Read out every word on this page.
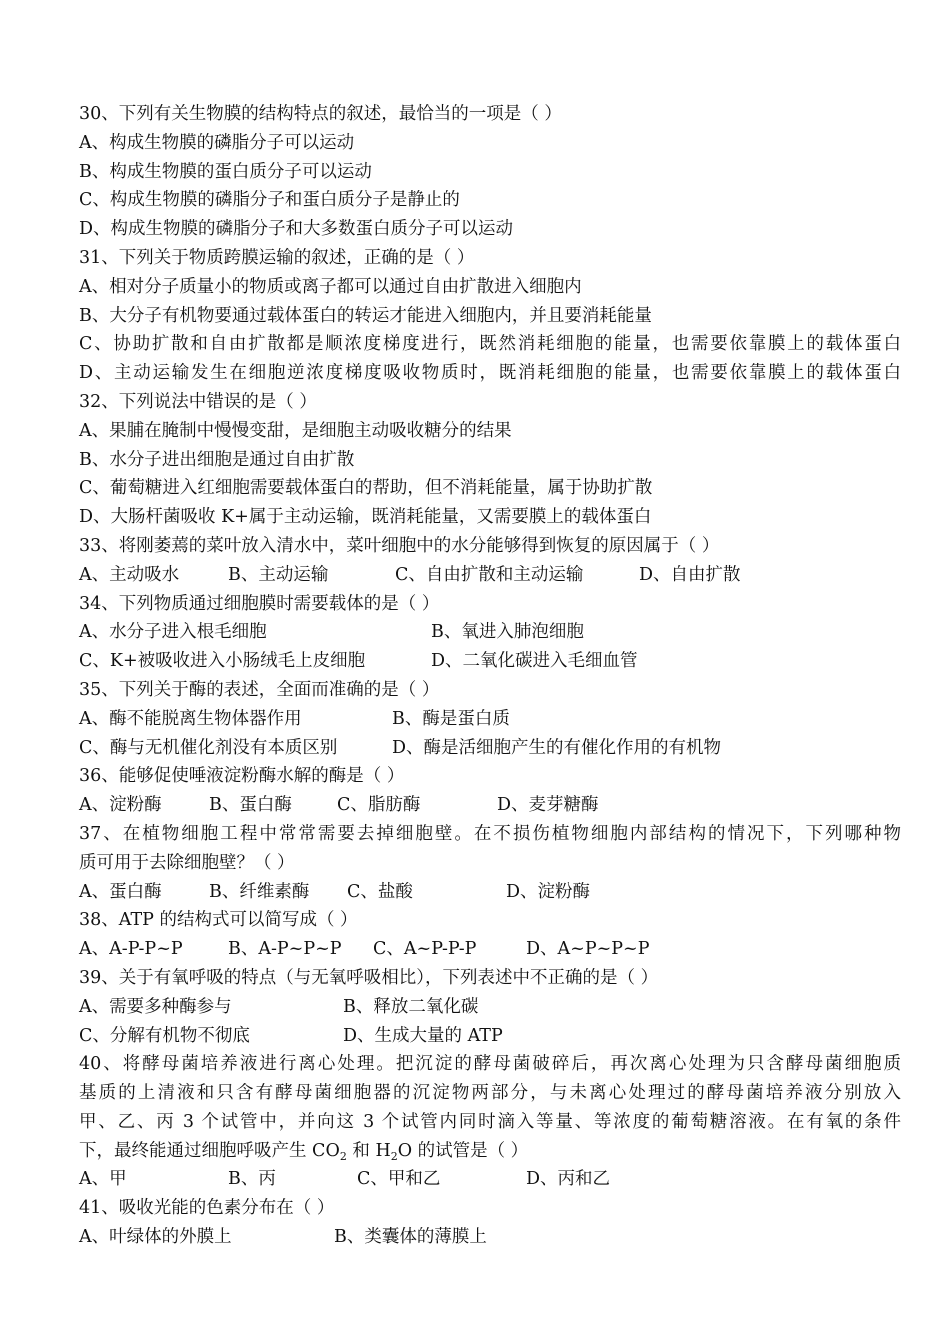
30、下列有关生物膜的结构特点的叙述，最恰当的一项是（ ）
A、构成生物膜的磷脂分子可以运动
B、构成生物膜的蛋白质分子可以运动
C、构成生物膜的磷脂分子和蛋白质分子是静止的
D、构成生物膜的磷脂分子和大多数蛋白质分子可以运动
31、下列关于物质跨膜运输的叙述，正确的是（ ）
A、相对分子质量小的物质或离子都可以通过自由扩散进入细胞内
B、大分子有机物要通过载体蛋白的转运才能进入细胞内，并且要消耗能量
C、协助扩散和自由扩散都是顺浓度梯度进行，既然消耗细胞的能量，也需要依靠膜上的载体蛋白
D、主动运输发生在细胞逆浓度梯度吸收物质时，既消耗细胞的能量，也需要依靠膜上的载体蛋白
32、下列说法中错误的是（ ）
A、果脯在腌制中慢慢变甜，是细胞主动吸收糖分的结果
B、水分子进出细胞是通过自由扩散
C、葡萄糖进入红细胞需要载体蛋白的帮助，但不消耗能量，属于协助扩散
D、大肠杆菌吸收 K+属于主动运输，既消耗能量，又需要膜上的载体蛋白
33、将刚萎蔫的菜叶放入清水中，菜叶细胞中的水分能够得到恢复的原因属于（ ）
A、主动吸水	B、主动运输	C、自由扩散和主动运输	D、自由扩散
34、下列物质通过细胞膜时需要载体的是（ ）
A、水分子进入根毛细胞	B、氧进入肺泡细胞
C、K+被吸收进入小肠绒毛上皮细胞	D、二氧化碳进入毛细血管
35、下列关于酶的表述，全面而准确的是（ ）
A、酶不能脱离生物体器作用	B、酶是蛋白质
C、酶与无机催化剂没有本质区别	D、酶是活细胞产生的有催化作用的有机物
36、能够促使唾液淀粉酶水解的酶是（ ）
A、淀粉酶	B、蛋白酶	C、脂肪酶	D、麦芽糖酶
37、在植物细胞工程中常常需要去掉细胞壁。在不损伤植物细胞内部结构的情况下，下列哪种物
质可用于去除细胞壁？（ ）
A、蛋白酶	B、纤维素酶 C、盐酸	D、淀粉酶
38、ATP 的结构式可以简写成（ ）
A、A-P-P~P	B、A-P~P~P C、A~P-P-P	D、A~P~P~P
39、关于有氧呼吸的特点（与无氧呼吸相比），下列表述中不正确的是（ ）
A、需要多种酶参与	B、释放二氧化碳
C、分解有机物不彻底	D、生成大量的 ATP
40、将酵母菌培养液进行离心处理。把沉淀的酵母菌破碎后，再次离心处理为只含酵母菌细胞质
基质的上清液和只含有酵母菌细胞器的沉淀物两部分，与未离心处理过的酵母菌培养液分别放入
甲、乙、丙 3 个试管中，并向这 3 个试管内同时滴入等量、等浓度的葡萄糖溶液。在有氧的条件
下，最终能通过细胞呼吸产生 $CO_2$ 和 $H_2O$ 的试管是（ ）
A、甲	B、丙	C、甲和乙	D、丙和乙
41、吸收光能的色素分布在（ ）
A、叶绿体的外膜上	B、类囊体的薄膜上
